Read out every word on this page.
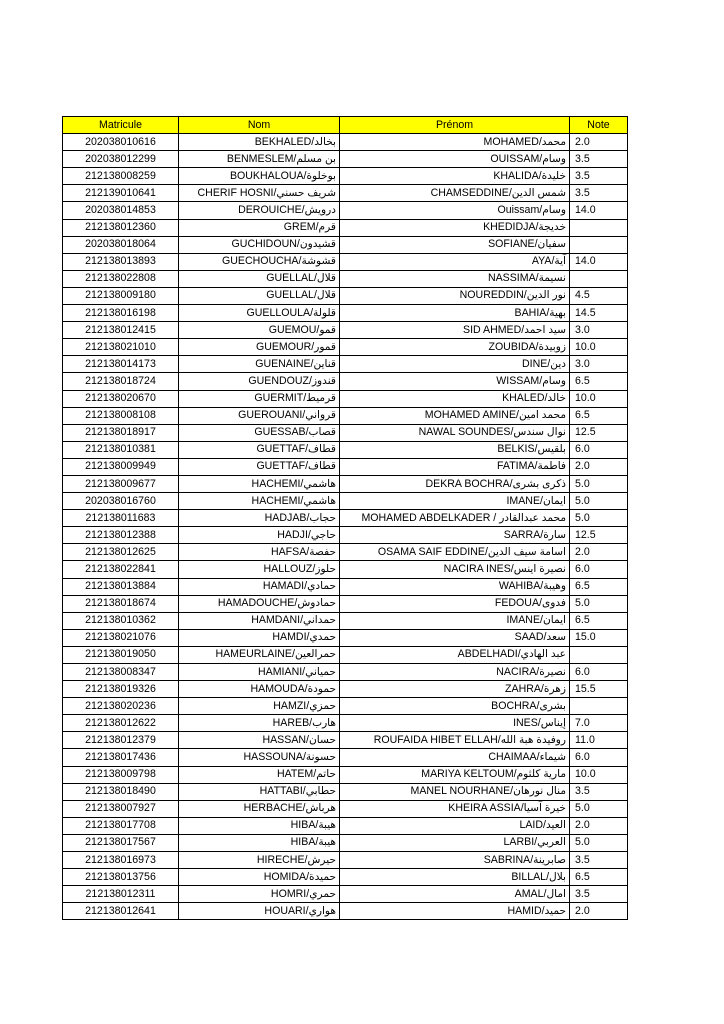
Matricule	Nom	Prénom	Note
202038010616	BEKHALED/بخالد	MOHAMED/محمد	2.0
202038012299	BENMESLEM/بن مسلم	OUISSAM/وسام	3.5
212138008259	BOUKHALOUA/بوخلوة	KHALIDA/خليدة	3.5
212139010641	CHERIF HOSNI/شريف حسني	CHAMSEDDINE/شمس الدين	3.5
202038014853	DEROUICHE/درويش	Ouissam/وسام	14.0
212138012360	GREM/قرم	KHEDIDJA/خديجة	
202038018064	GUCHIDOUN/قشيدون	SOFIANE/سفيان	
212138013893	GUECHOUCHA/قشوشة	AYA/آية	14.0
212138022808	GUELLAL/قلال	NASSIMA/نسيمة	
212138009180	GUELLAL/قلال	NOUREDDIN/نور الدين	4.5
212138016198	GUELLOULA/قلولة	BAHIA/بهية	14.5
212138012415	GUEMOU/قمو	SID AHMED/سيد احمد	3.0
212138021010	GUEMOUR/قمور	ZOUBIDA/زوبيدة	10.0
212138014173	GUENAINE/قناين	DINE/دين	3.0
212138018724	GUENDOUZ/قندوز	WISSAM/وسام	6.5
212138020670	GUERMIT/قرميط	KHALED/خالد	10.0
212138008108	GUEROUANI/قرواني	MOHAMED AMINE/محمد امين	6.5
212138018917	GUESSAB/قصاب	NAWAL SOUNDES/نوال سندس	12.5
212138010381	GUETTAF/قطاف	BELKIS/بلقيس	6.0
212138009949	GUETTAF/قطاف	FATIMA/فاطمة	2.0
212138009677	HACHEMI/هاشمي	DEKRA BOCHRA/ذكرى بشرى	5.0
202038016760	HACHEMI/هاشمي	IMANE/ايمان	5.0
212138011683	HADJAB/حجاب	MOHAMED ABDELKADER / محمد عبدالقادر	5.0
212138012388	HADJI/حاجي	SARRA/سارة	12.5
212138012625	HAFSA/حفصة	OSAMA SAIF EDDINE/اسامة سيف الدين	2.0
212138022841	HALLOUZ/حلوز	NACIRA INES/نصيرة اينس	6.0
212138013884	HAMADI/حمادي	WAHIBA/وهيبة	6.5
212138018674	HAMADOUCHE/حمادوش	FEDOUA/فدوى	5.0
212138010362	HAMDANI/حمداني	IMANE/ايمان	6.5
212138021076	HAMDI/حمدي	SAAD/سعد	15.0
212138019050	HAMEURLAINE/حمرالعين	ABDELHADI/عبد الهادي	
212138008347	HAMIANI/حمياني	NACIRA/نصيرة	6.0
212138019326	HAMOUDA/حمودة	ZAHRA/زهرة	15.5
212138020236	HAMZI/حمزي	BOCHRA/بشرى	
212138012622	HAREB/هارب	INES/إيناس	7.0
212138012379	HASSAN/حسان	ROUFAIDA HIBET ELLAH/روفيدة هبة الله	11.0
212138017436	HASSOUNA/حسونة	CHAIMAA/شيماء	6.0
212138009798	HATEM/حاتم	MARIYA KELTOUM/مارية كلثوم	10.0
212138018490	HATTABI/حطابي	MANEL NOURHANE/منال نورهان	3.5
212138007927	HERBACHE/هرباش	KHEIRA ASSIA/خيرة آسيا	5.0
212138017708	HIBA/هيبة	LAID/العيد	2.0
212138017567	HIBA/هيبة	LARBI/العربي	5.0
212138016973	HIRECHE/حيرش	SABRINA/صابرينة	3.5
212138013756	HOMIDA/حميدة	BILLAL/بلال	6.5
212138012311	HOMRI/حمري	AMAL/امال	3.5
212138012641	HOUARI/هواري	HAMID/حميد	2.0
